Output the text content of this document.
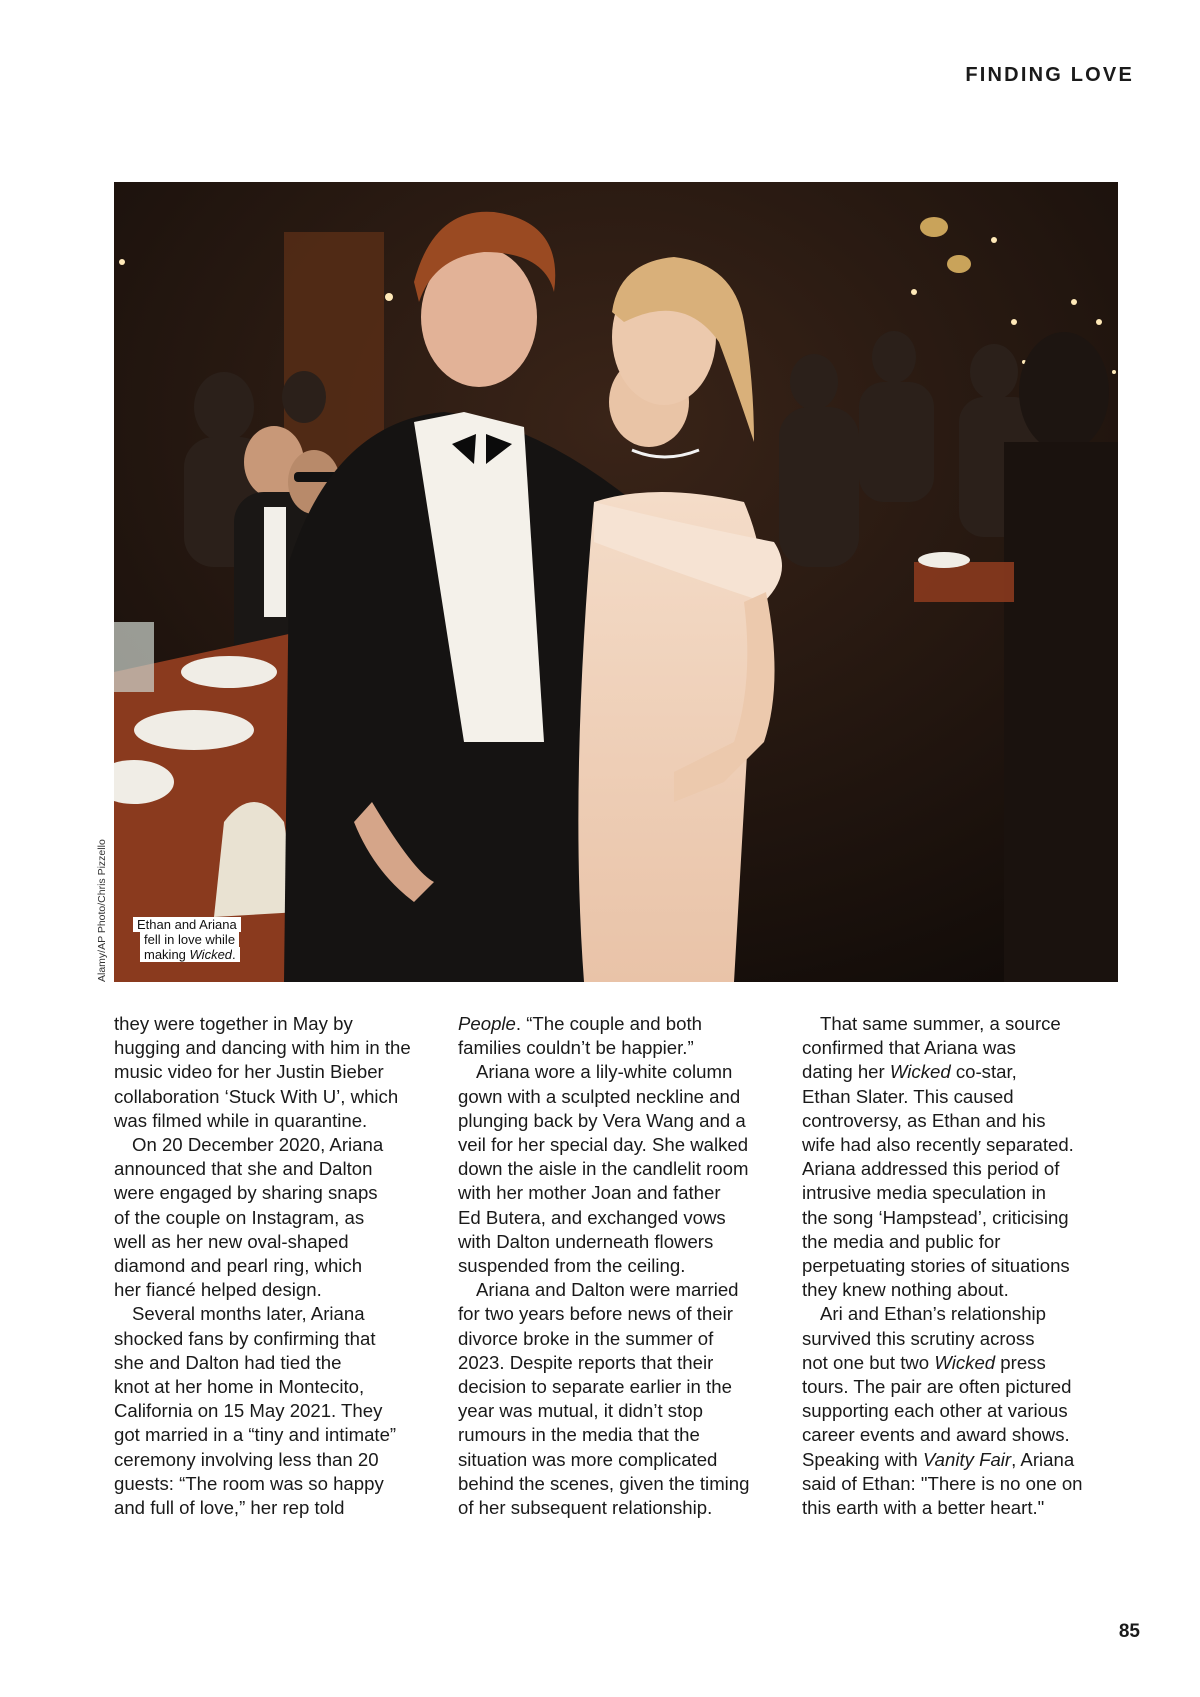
FINDING LOVE
Alamy/AP Photo/Chris Pizzello Ethan and Ariana
fell in love while
making Wicked.
they were together in May by
hugging and dancing with him in the
music video for her Justin Bieber
collaboration ‘Stuck With U’, which
was filmed while in quarantine.
On 20 December 2020, Ariana
announced that she and Dalton
were engaged by sharing snaps
of the couple on Instagram, as
well as her new oval-shaped
diamond and pearl ring, which
her fiancé helped design.
Several months later, Ariana
shocked fans by confirming that
she and Dalton had tied the
knot at her home in Montecito,
California on 15 May 2021. They
got married in a “tiny and intimate”
ceremony involving less than 20
guests: “The room was so happy
and full of love,” her rep told
People. “The couple and both
families couldn’t be happier.”
Ariana wore a lily-white column
gown with a sculpted neckline and
plunging back by Vera Wang and a
veil for her special day. She walked
down the aisle in the candlelit room
with her mother Joan and father
Ed Butera, and exchanged vows
with Dalton underneath flowers
suspended from the ceiling.
Ariana and Dalton were married
for two years before news of their
divorce broke in the summer of
2023. Despite reports that their
decision to separate earlier in the
year was mutual, it didn’t stop
rumours in the media that the
situation was more complicated
behind the scenes, given the timing
of her subsequent relationship.
That same summer, a source
confirmed that Ariana was
dating her Wicked co-star,
Ethan Slater. This caused
controversy, as Ethan and his
wife had also recently separated.
Ariana addressed this period of
intrusive media speculation in
the song ‘Hampstead’, criticising
the media and public for
perpetuating stories of situations
they knew nothing about.
Ari and Ethan’s relationship
survived this scrutiny across
not one but two Wicked press
tours. The pair are often pictured
supporting each other at various
career events and award shows.
Speaking with Vanity Fair, Ariana
said of Ethan: "There is no one on
this earth with a better heart."
85
